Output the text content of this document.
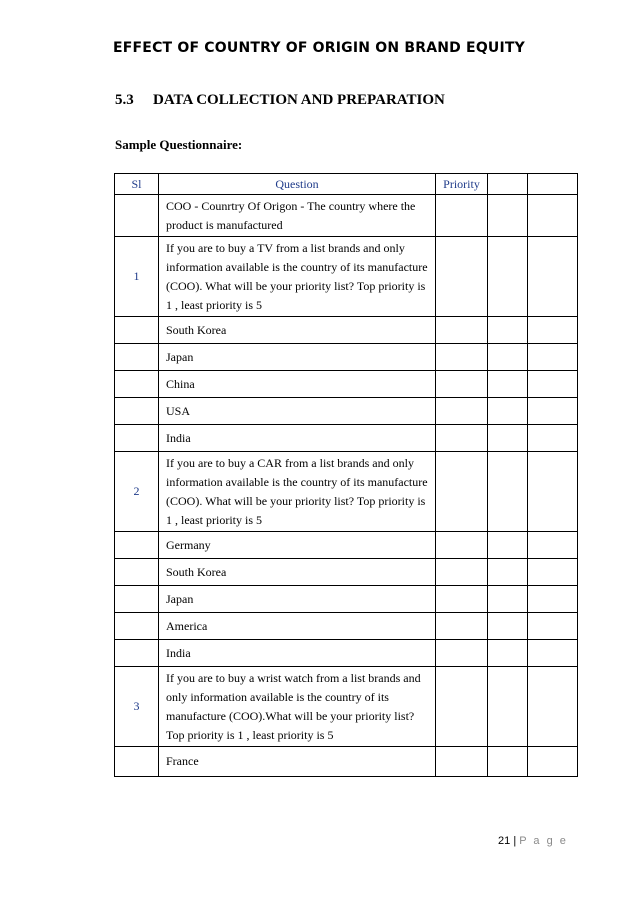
EFFECT OF COUNTRY OF ORIGIN ON BRAND EQUITY
5.3 DATA COLLECTION AND PREPARATION
Sample Questionnaire:
Sl	Question	Priority		
	COO - Counrtry Of Origon - The country where the product is manufactured			
1	If you are to buy a TV from a list brands and only information available is the country of its manufacture (COO). What will be your priority list? Top priority is 1 , least priority is 5			
	South Korea			
	Japan			
	China			
	USA			
	India			
2	If you are to buy a CAR from a list brands and only information available is the country of its manufacture (COO). What will be your priority list? Top priority is 1 , least priority is 5			
	Germany			
	South Korea			
	Japan			
	America			
	India			
3	If you are to buy a wrist watch from a list brands and only information available is the country of its manufacture (COO).What will be your priority list? Top priority is 1 , least priority is 5			
	France			
21 | P a g e
